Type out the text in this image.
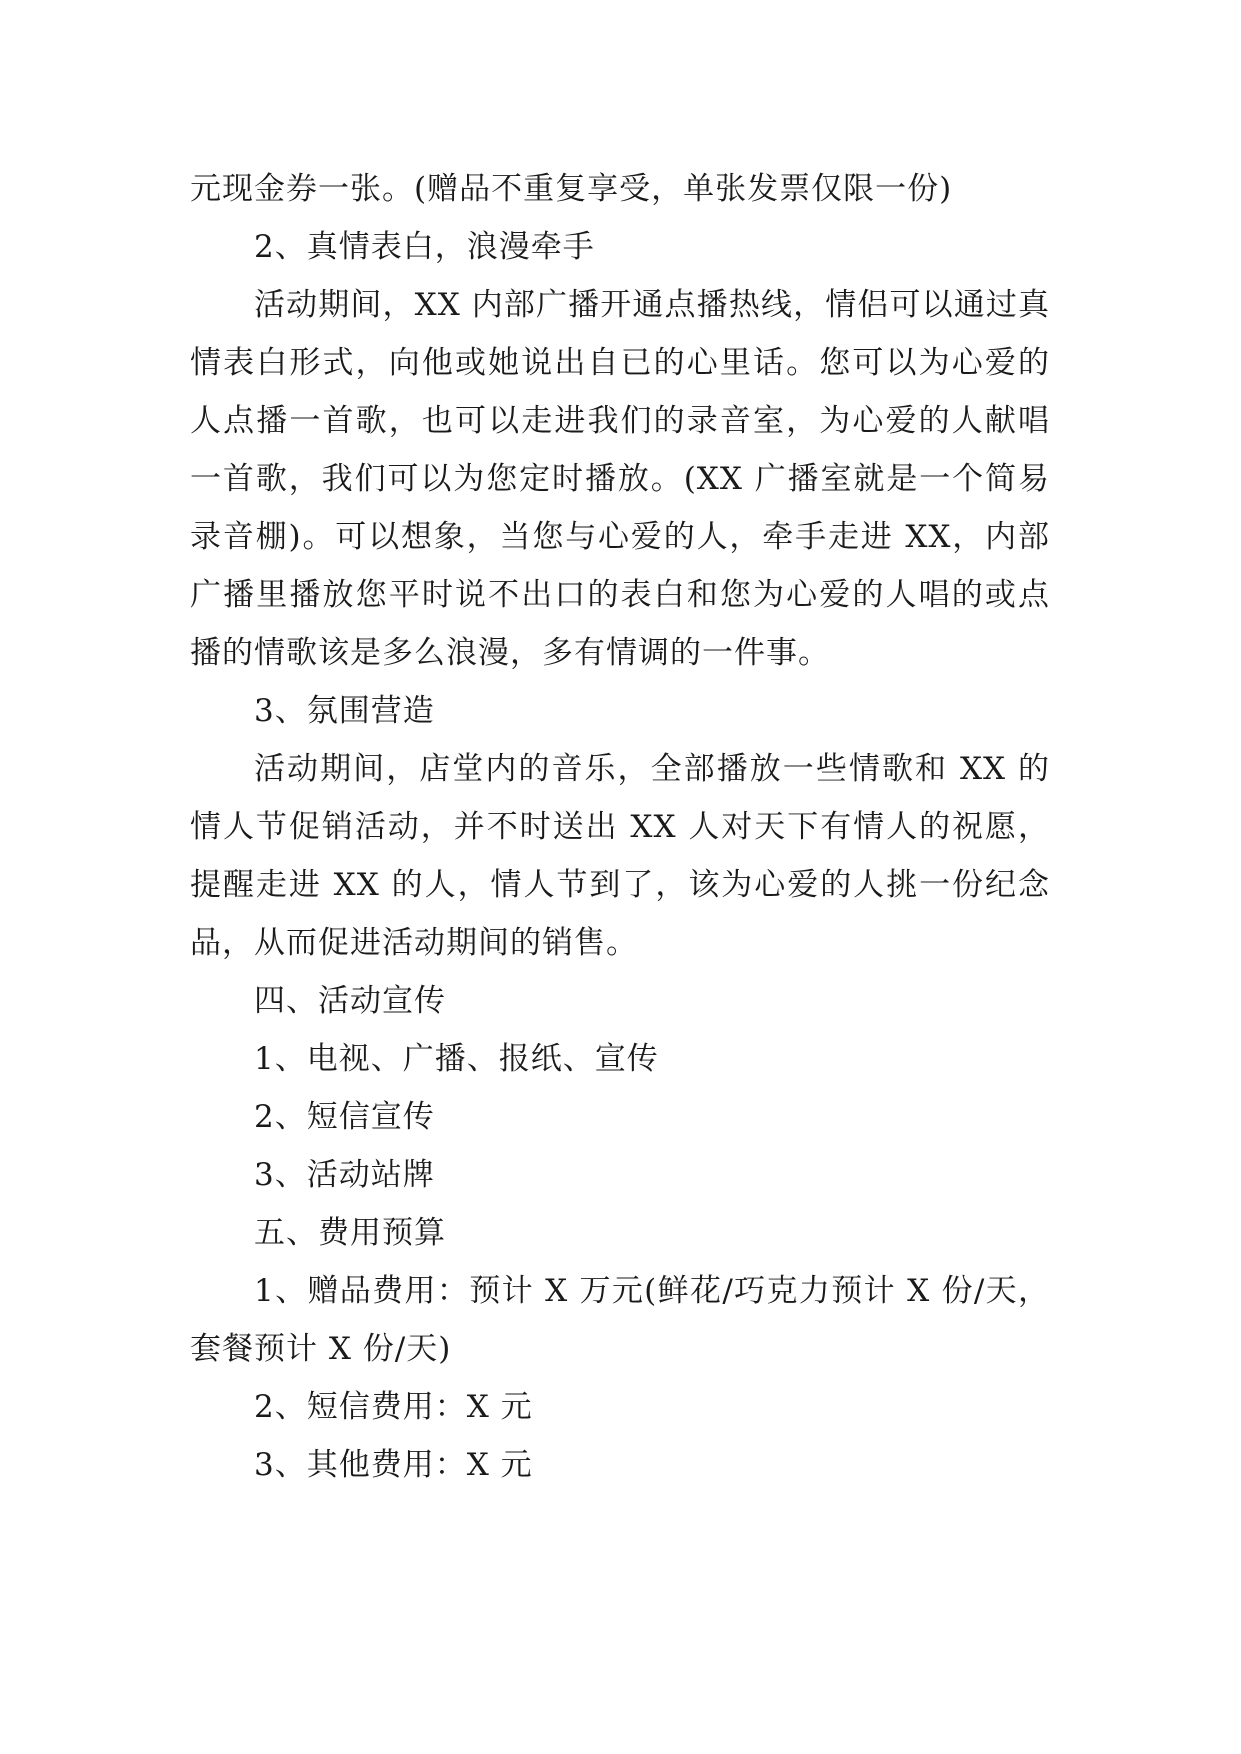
元现金券一张。(赠品不重复享受，单张发票仅限一份)

2、真情表白，浪漫牵手

活动期间，XX 内部广播开通点播热线，情侣可以通过真情表白形式，向他或她说出自已的心里话。您可以为心爱的人点播一首歌，也可以走进我们的录音室，为心爱的人献唱一首歌，我们可以为您定时播放。(XX 广播室就是一个简易录音棚)。可以想象，当您与心爱的人，牵手走进 XX，内部广播里播放您平时说不出口的表白和您为心爱的人唱的或点播的情歌该是多么浪漫，多有情调的一件事。

3、氛围营造

活动期间，店堂内的音乐，全部播放一些情歌和 XX 的情人节促销活动，并不时送出 XX 人对天下有情人的祝愿，提醒走进 XX 的人，情人节到了，该为心爱的人挑一份纪念品，从而促进活动期间的销售。

四、活动宣传

1、电视、广播、报纸、宣传

2、短信宣传

3、活动站牌

五、费用预算

1、赠品费用：预计 X 万元(鲜花/巧克力预计 X 份/天，套餐预计 X 份/天)

2、短信费用：X 元

3、其他费用：X 元
